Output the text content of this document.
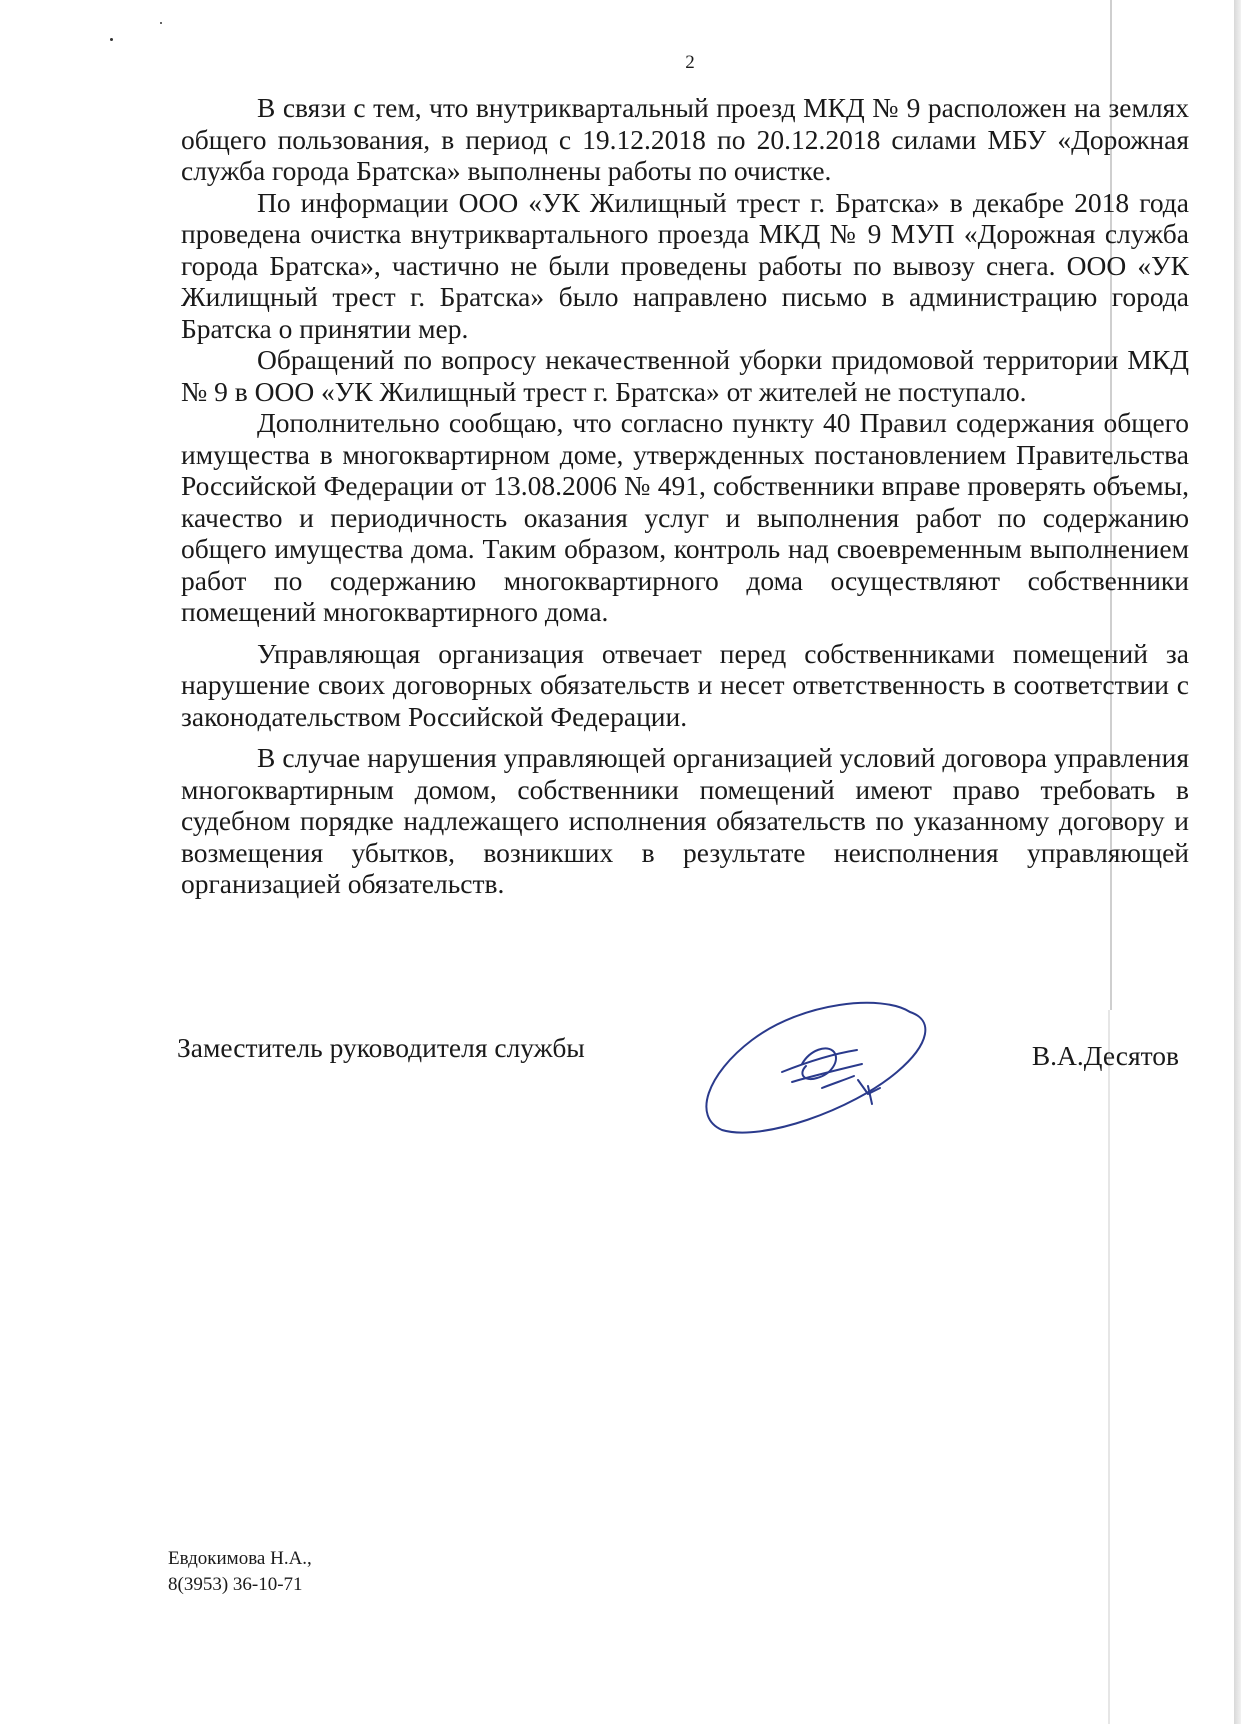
2

В связи с тем, что внутриквартальный проезд МКД № 9 расположен на землях общего пользования, в период с 19.12.2018 по 20.12.2018 силами МБУ «Дорожная служба города Братска» выполнены работы по очистке.

По информации ООО «УК Жилищный трест г. Братска» в декабре 2018 года проведена очистка внутриквартального проезда МКД № 9 МУП «Дорожная служба города Братска», частично не были проведены работы по вывозу снега. ООО «УК Жилищный трест г. Братска» было направлено письмо в администрацию города Братска о принятии мер.

Обращений по вопросу некачественной уборки придомовой территории МКД № 9 в ООО «УК Жилищный трест г. Братска» от жителей не поступало.

Дополнительно сообщаю, что согласно пункту 40 Правил содержания общего имущества в многоквартирном доме, утвержденных постановлением Правительства Российской Федерации от 13.08.2006 № 491, собственники вправе проверять объемы, качество и периодичность оказания услуг и выполнения работ по содержанию общего имущества дома. Таким образом, контроль над своевременным выполнением работ по содержанию многоквартирного дома осуществляют собственники помещений многоквартирного дома.

Управляющая организация отвечает перед собственниками помещений за нарушение своих договорных обязательств и несет ответственность в соответствии с законодательством Российской Федерации.

В случае нарушения управляющей организацией условий договора управления многоквартирным домом, собственники помещений имеют право требовать в судебном порядке надлежащего исполнения обязательств по указанному договору и возмещения убытков, возникших в результате неисполнения управляющей организацией обязательств.

Заместитель руководителя службы	В.А.Десятов
Евдокимова Н.А.,
8(3953) 36-10-71
